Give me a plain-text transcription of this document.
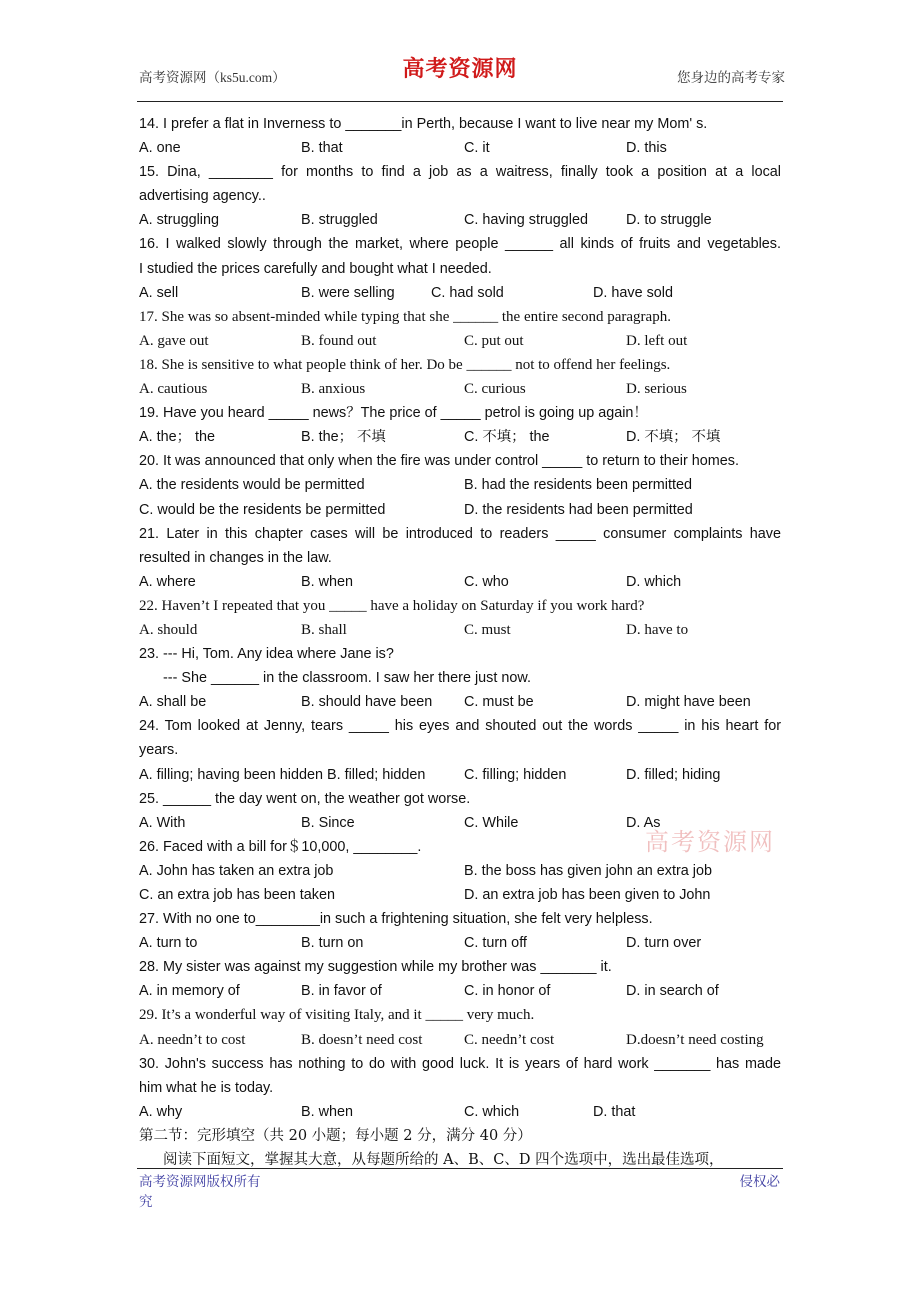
高考资源网（ks5u.com）	高考资源网	您身边的高考专家
14. I prefer a flat in Inverness to _______in Perth, because I want to live near my Mom' s.
A. one	B. that	C. it	D. this
15. Dina, ________ for months to find a job as a waitress, finally took a position at a local
advertising agency..
A. struggling	B. struggled	C. having struggled	D. to struggle
16. I walked slowly through the market, where people ______ all kinds of fruits and vegetables.
I studied the prices carefully and bought what I needed.
A. sell	B. were selling	C. had sold	D. have sold
17. She was so absent-minded while typing that she ______ the entire second paragraph.
A. gave out	B. found out	C. put out	D. left out
18. She is sensitive to what people think of her. Do be ______ not to offend her feelings.
A. cautious	B. anxious	C. curious	D. serious
19. Have you heard _____ news？The price of _____ petrol is going up again！
A. the； the	B. the； 不填	C. 不填； the	D. 不填； 不填
20. It was announced that only when the fire was under control _____ to return to their homes.
A. the residents would be permitted	B. had the residents been permitted
C. would be the residents be permitted	D. the residents had been permitted
21. Later in this chapter cases will be introduced to readers _____ consumer complaints have
resulted in changes in the law.
A. where	B. when	C. who	D. which
22. Haven’t I repeated that you _____ have a holiday on Saturday if you work hard?
A. should	B. shall	C. must	D. have to
23. --- Hi, Tom. Any idea where Jane is?
--- She ______ in the classroom. I saw her there just now.
A. shall be	B. should have been C. must be	D. might have been
24. Tom looked at Jenny, tears _____ his eyes and shouted out the words _____ in his heart for
years.
A. filling; having been hidden B. filled; hidden	C. filling; hidden	D. filled; hiding
25. ______ the day went on, the weather got worse.
A. With	B. Since	C. While	D. As
26. Faced with a bill for＄10,000, ________.
A. John has taken an extra job	B. the boss has given john an extra job
C. an extra job has been taken	D. an extra job has been given to John
27. With no one to________in such a frightening situation, she felt very helpless.
A. turn to	B. turn on	C. turn off	D. turn over
28. My sister was against my suggestion while my brother was _______ it.
A. in memory of	B. in favor of	C. in honor of	D. in search of
29. It’s a wonderful way of visiting Italy, and it _____ very much.
A. needn’t to cost	B. doesn’t need cost	C. needn’t cost	D.doesn’t need costing
30. John's success has nothing to do with good luck. It is years of hard work _______ has made
him what he is today.
A. why	B. when	C. which	D. that
第二节：完形填空（共 20 小题；每小题 2 分，满分 40 分）
阅读下面短文，掌握其大意，从每题所给的 A、B、C、D 四个选项中，选出最佳选项，
高考资源网
高考资源网版权所有
究
侵权必
